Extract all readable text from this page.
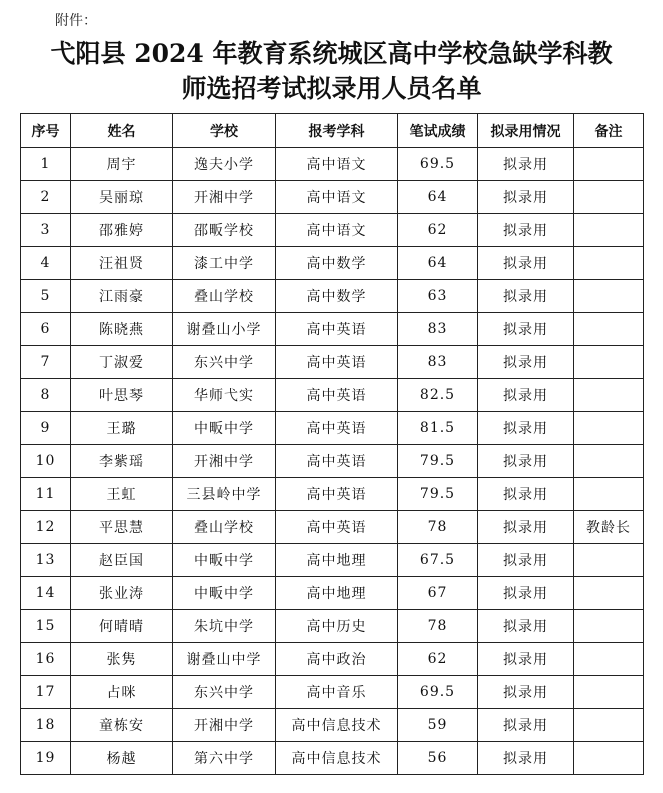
附件：
弋阳县 2024 年教育系统城区高中学校急缺学科教
师选招考试拟录用人员名单
序号	姓名	学校	报考学科	笔试成绩	拟录用情况	备注
1	周宇	逸夫小学	高中语文	69.5	拟录用	
2	吴丽琼	开湘中学	高中语文	64	拟录用	
3	邵雅婷	邵畈学校	高中语文	62	拟录用	
4	汪祖贤	漆工中学	高中数学	64	拟录用	
5	江雨豪	叠山学校	高中数学	63	拟录用	
6	陈晓燕	谢叠山小学	高中英语	83	拟录用	
7	丁淑爱	东兴中学	高中英语	83	拟录用	
8	叶思琴	华师弋实	高中英语	82.5	拟录用	
9	王璐	中畈中学	高中英语	81.5	拟录用	
10	李紫瑶	开湘中学	高中英语	79.5	拟录用	
11	王虹	三县岭中学	高中英语	79.5	拟录用	
12	平思慧	叠山学校	高中英语	78	拟录用	教龄长
13	赵臣国	中畈中学	高中地理	67.5	拟录用	
14	张业涛	中畈中学	高中地理	67	拟录用	
15	何晴晴	朱坑中学	高中历史	78	拟录用	
16	张隽	谢叠山中学	高中政治	62	拟录用	
17	占咪	东兴中学	高中音乐	69.5	拟录用	
18	童栋安	开湘中学	高中信息技术	59	拟录用	
19	杨越	第六中学	高中信息技术	56	拟录用	
